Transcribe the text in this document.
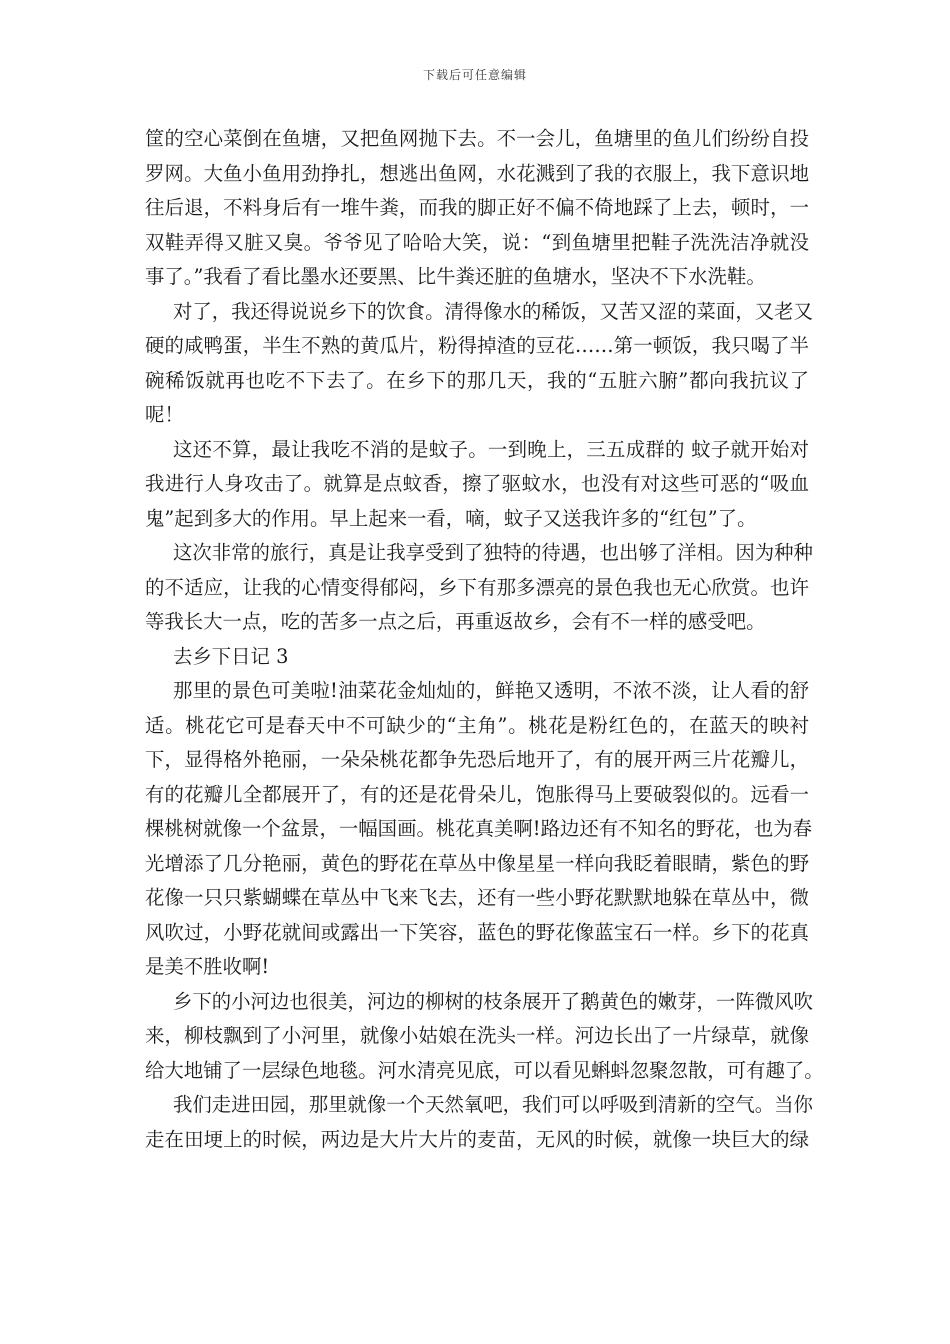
下载后可任意编辑
筐的空心菜倒在鱼塘，又把鱼网抛下去。不一会儿，鱼塘里的鱼儿们纷纷自投
罗网。大鱼小鱼用劲挣扎，想逃出鱼网，水花溅到了我的衣服上，我下意识地
往后退，不料身后有一堆牛粪，而我的脚正好不偏不倚地踩了上去，顿时，一
双鞋弄得又脏又臭。爷爷见了哈哈大笑，说：“到鱼塘里把鞋子洗洗洁净就没
事了。”我看了看比墨水还要黑、比牛粪还脏的鱼塘水，坚决不下水洗鞋。
对了，我还得说说乡下的饮食。清得像水的稀饭，又苦又涩的菜面，又老又
硬的咸鸭蛋，半生不熟的黄瓜片，粉得掉渣的豆花……第一顿饭，我只喝了半
碗稀饭就再也吃不下去了。在乡下的那几天，我的“五脏六腑”都向我抗议了
呢！
这还不算，最让我吃不消的是蚊子。一到晚上，三五成群的 蚊子就开始对
我进行人身攻击了。就算是点蚊香，擦了驱蚊水，也没有对这些可恶的“吸血
鬼”起到多大的作用。早上起来一看，嘀，蚊子又送我许多的“红包”了。
这次非常的旅行，真是让我享受到了独特的待遇，也出够了洋相。因为种种
的不适应，让我的心情变得郁闷，乡下有那多漂亮的景色我也无心欣赏。也许
等我长大一点，吃的苦多一点之后，再重返故乡，会有不一样的感受吧。
去乡下日记 3
那里的景色可美啦!油菜花金灿灿的，鲜艳又透明，不浓不淡，让人看的舒
适。桃花它可是春天中不可缺少的“主角”。桃花是粉红色的，在蓝天的映衬
下，显得格外艳丽，一朵朵桃花都争先恐后地开了，有的展开两三片花瓣儿，
有的花瓣儿全都展开了，有的还是花骨朵儿，饱胀得马上要破裂似的。远看一
棵桃树就像一个盆景，一幅国画。桃花真美啊!路边还有不知名的野花，也为春
光增添了几分艳丽，黄色的野花在草丛中像星星一样向我眨着眼睛，紫色的野
花像一只只紫蝴蝶在草丛中飞来飞去，还有一些小野花默默地躲在草丛中，微
风吹过，小野花就间或露出一下笑容，蓝色的野花像蓝宝石一样。乡下的花真
是美不胜收啊!
乡下的小河边也很美，河边的柳树的枝条展开了鹅黄色的嫩芽，一阵微风吹
来，柳枝飘到了小河里，就像小姑娘在洗头一样。河边长出了一片绿草，就像
给大地铺了一层绿色地毯。河水清亮见底，可以看见蝌蚪忽聚忽散，可有趣了。
我们走进田园，那里就像一个天然氧吧，我们可以呼吸到清新的空气。当你
走在田埂上的时候，两边是大片大片的麦苗，无风的时候，就像一块巨大的绿
